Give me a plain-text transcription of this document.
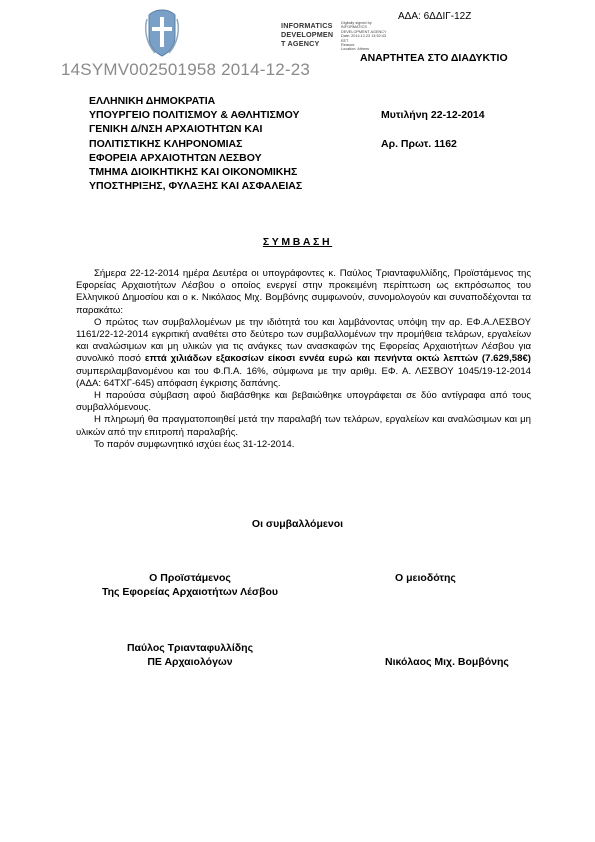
ΑΔΑ: 6ΔΔΙΓ-12Ζ
INFORMATICS
DEVELOPMEN
T AGENCY
Digitally signed by
INFORMATICS
DEVELOPMENT AGENCY
Date: 2014.12.23 13:52:43
EET
Reason:
Location: Athens
ΑΝΑΡΤΗΤΕΑ ΣΤΟ ΔΙΑΔΥΚΤΙΟ
14SYMV002501958 2014-12-23
ΕΛΛΗΝΙΚΗ ΔΗΜΟΚΡΑΤΙΑ
ΥΠΟΥΡΓΕΙΟ ΠΟΛΙΤΙΣΜΟΥ & ΑΘΛΗΤΙΣΜΟΥ
ΓΕΝΙΚΗ Δ/ΝΣΗ ΑΡΧΑΙΟΤΗΤΩΝ ΚΑΙ
ΠΟΛΙΤΙΣΤΙΚΗΣ ΚΛΗΡΟΝΟΜΙΑΣ
ΕΦΟΡΕΙΑ ΑΡΧΑΙΟΤΗΤΩΝ ΛΕΣΒΟΥ
ΤΜΗΜΑ ΔΙΟΙΚΗΤΙΚΗΣ ΚΑΙ ΟΙΚΟΝΟΜΙΚΗΣ
ΥΠΟΣΤΗΡΙΞΗΣ, ΦΥΛΑΞΗΣ ΚΑΙ ΑΣΦΑΛΕΙΑΣ
Μυτιλήνη 22-12-2014
Αρ. Πρωτ. 1162
ΣΥΜΒΑΣΗ

Σήμερα 22-12-2014 ημέρα Δευτέρα οι υπογράφοντες κ. Παύλος Τριανταφυλλίδης, Προϊστάμενος της Εφορείας Αρχαιοτήτων Λέσβου ο οποίος ενεργεί στην προκειμένη περίπτωση ως εκπρόσωπος του Ελληνικού Δημοσίου και ο κ. Νικόλαος Μιχ. Βομβόνης συμφωνούν, συνομολογούν και συναποδέχονται τα παρακάτω:

Ο πρώτος των συμβαλλομένων με την ιδιότητά του και λαμβάνοντας υπόψη την αρ. ΕΦ.Α.ΛΕΣΒΟΥ 1161/22-12-2014 εγκριτική αναθέτει στο δεύτερο των συμβαλλομένων την προμήθεια τελάρων, εργαλείων και αναλώσιμων και μη υλικών για τις ανάγκες των ανασκαφών της Εφορείας Αρχαιοτήτων Λέσβου για συνολικό ποσό επτά χιλιάδων εξακοσίων είκοσι εννέα ευρώ και πενήντα οκτώ λεπτών (7.629,58€) συμπεριλαμβανομένου και του Φ.Π.Α. 16%, σύμφωνα με την αριθμ. ΕΦ. Α. ΛΕΣΒΟΥ 1045/19-12-2014 (ΑΔΑ: 64ΤΧΓ-645) απόφαση έγκρισης δαπάνης.

Η παρούσα σύμβαση αφού διαβάσθηκε και βεβαιώθηκε υπογράφεται σε δύο αντίγραφα από τους συμβαλλόμενους.

Η πληρωμή θα πραγματοποιηθεί μετά την παραλαβή των τελάρων, εργαλείων και αναλώσιμων και μη υλικών από την επιτροπή παραλαβής.

Το παρόν συμφωνητικό ισχύει έως 31-12-2014.

Οι συμβαλλόμενοι
Ο Προϊστάμενος
Της Εφορείας Αρχαιοτήτων Λέσβου
Ο μειοδότης
Παύλος Τριανταφυλλίδης
ΠΕ Αρχαιολόγων	Νικόλαος Μιχ. Βομβόνης
